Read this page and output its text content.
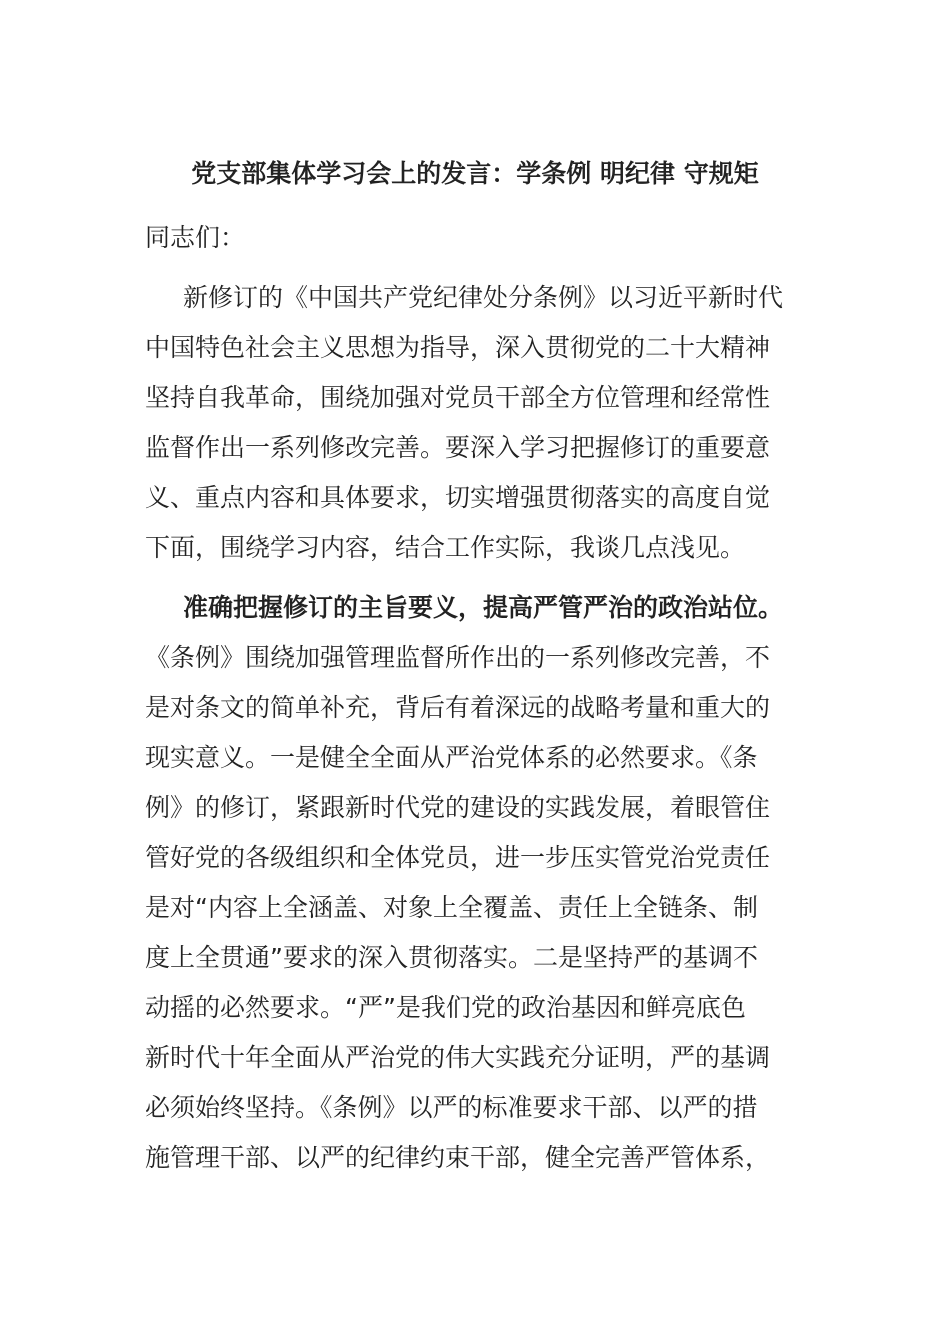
党支部集体学习会上的发言：学条例 明纪律 守规矩
同志们：
新修订的《中国共产党纪律处分条例》以习近平新时代
中国特色社会主义思想为指导，深入贯彻党的二十大精神
坚持自我革命，围绕加强对党员干部全方位管理和经常性
监督作出一系列修改完善。要深入学习把握修订的重要意
义、重点内容和具体要求，切实增强贯彻落实的高度自觉
下面，围绕学习内容，结合工作实际，我谈几点浅见。
准确把握修订的主旨要义，提高严管严治的政治站位。
《条例》围绕加强管理监督所作出的一系列修改完善，不
是对条文的简单补充，背后有着深远的战略考量和重大的
现实意义。一是健全全面从严治党体系的必然要求。《条
例》的修订，紧跟新时代党的建设的实践发展，着眼管住
管好党的各级组织和全体党员，进一步压实管党治党责任
是对“内容上全涵盖、对象上全覆盖、责任上全链条、制
度上全贯通”要求的深入贯彻落实。二是坚持严的基调不
动摇的必然要求。“严”是我们党的政治基因和鲜亮底色
新时代十年全面从严治党的伟大实践充分证明，严的基调
必须始终坚持。《条例》以严的标准要求干部、以严的措
施管理干部、以严的纪律约束干部，健全完善严管体系，
